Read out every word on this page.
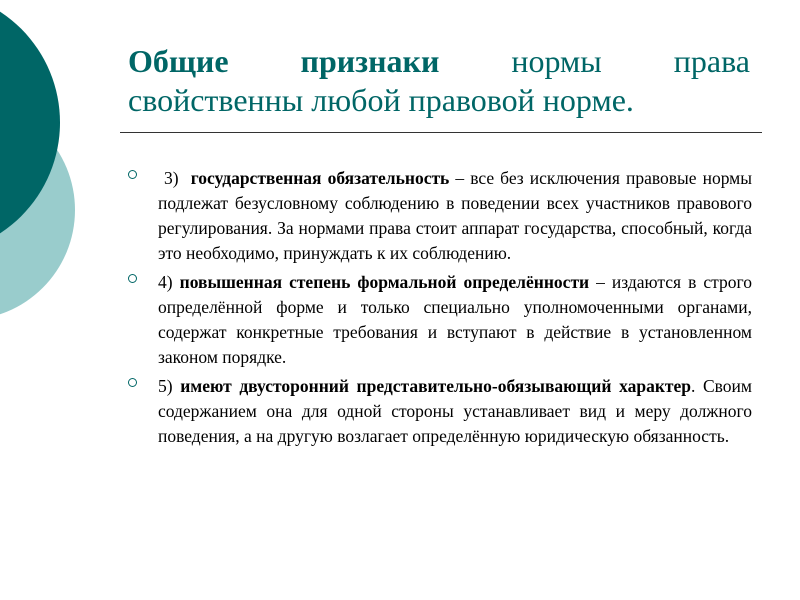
Общие признаки нормы права
свойственны любой правовой норме.
3)  государственная обязательность – все без исключения правовые нормы подлежат безусловному соблюдению в поведении всех участников правового регулирования. За нормами права стоит аппарат государства, способный, когда это необходимо, принуждать к их соблюдению.
4) повышенная степень формальной определённости – издаются в строго определённой форме и только специально уполномоченными органами, содержат конкретные требования и вступают в действие в установленном законом порядке.
5) имеют двусторонний представительно-обязывающий характер. Своим содержанием она для одной стороны устанавливает вид и меру должного поведения, а на другую возлагает определённую юридическую обязанность.
